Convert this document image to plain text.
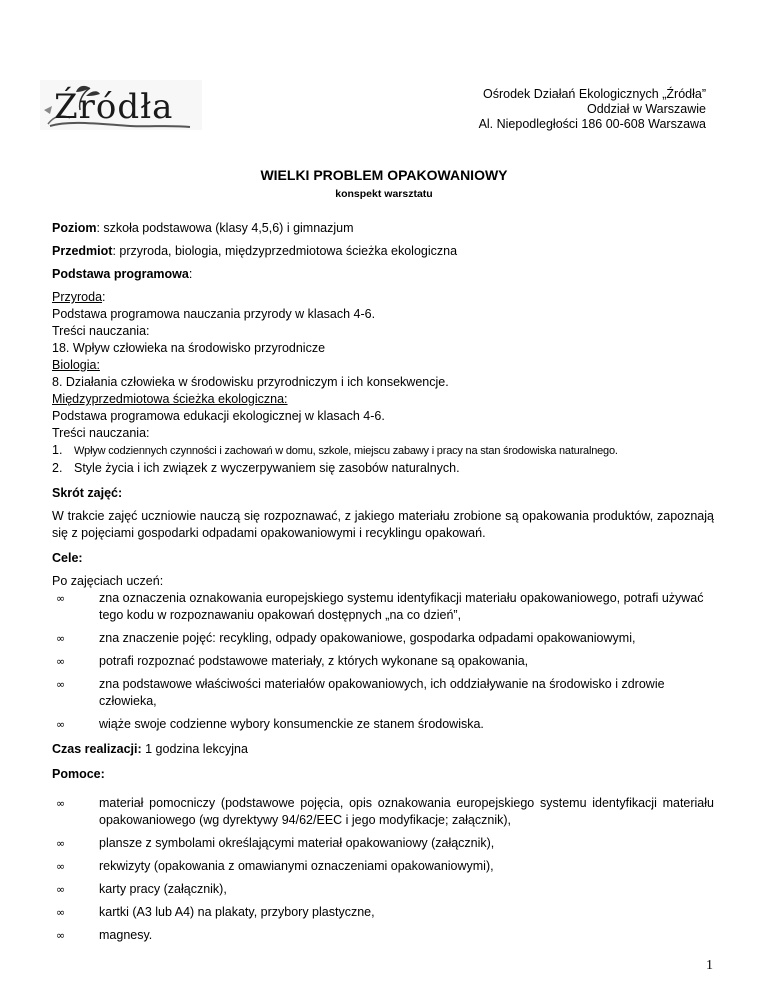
Źródła	Ośrodek Działań Ekologicznych „Źródła”
Oddział w Warszawie
Al. Niepodległości 186 00-608 Warszawa
WIELKI PROBLEM OPAKOWANIOWY
konspekt warsztatu

Poziom: szkoła podstawowa (klasy 4,5,6) i gimnazjum

Przedmiot: przyroda, biologia, międzyprzedmiotowa ścieżka ekologiczna

Podstawa programowa:

Przyroda:

Podstawa programowa nauczania przyrody w klasach 4-6.

Treści nauczania:

18. Wpływ człowieka na środowisko przyrodnicze

Biologia:

8. Działania człowieka w środowisku przyrodniczym i ich konsekwencje.

Międzyprzedmiotowa ścieżka ekologiczna:

Podstawa programowa edukacji ekologicznej w klasach 4-6.

Treści nauczania:

1. Wpływ codziennych czynności i zachowań w domu, szkole, miejscu zabawy i pracy na stan środowiska naturalnego.
2. Style życia i ich związek z wyczerpywaniem się zasobów naturalnych.

Skrót zajęć:

W trakcie zajęć uczniowie nauczą się rozpoznawać, z jakiego materiału zrobione są opakowania produktów, zapoznają się z pojęciami gospodarki odpadami opakowaniowymi i recyklingu opakowań.

Cele:

Po zajęciach uczeń:

∞	zna oznaczenia oznakowania europejskiego systemu identyfikacji materiału opakowaniowego, potrafi używać tego kodu w rozpoznawaniu opakowań dostępnych „na co dzień”,
∞	zna znaczenie pojęć: recykling, odpady opakowaniowe, gospodarka odpadami opakowaniowymi,
∞	potrafi rozpoznać podstawowe materiały, z których wykonane są opakowania,
∞	zna podstawowe właściwości materiałów opakowaniowych, ich oddziaływanie na środowisko i zdrowie człowieka,
∞	wiąże swoje codzienne wybory konsumenckie ze stanem środowiska.

Czas realizacji: 1 godzina lekcyjna

Pomoce:

∞	materiał pomocniczy (podstawowe pojęcia, opis oznakowania europejskiego systemu identyfikacji materiału opakowaniowego (wg dyrektywy 94/62/EEC i jego modyfikacje; załącznik),
∞	plansze z symbolami określającymi materiał opakowaniowy (załącznik),
∞	rekwizyty (opakowania z omawianymi oznaczeniami opakowaniowymi),
∞	karty pracy (załącznik),
∞	kartki (A3 lub A4) na plakaty, przybory plastyczne,
∞	magnesy.
1
